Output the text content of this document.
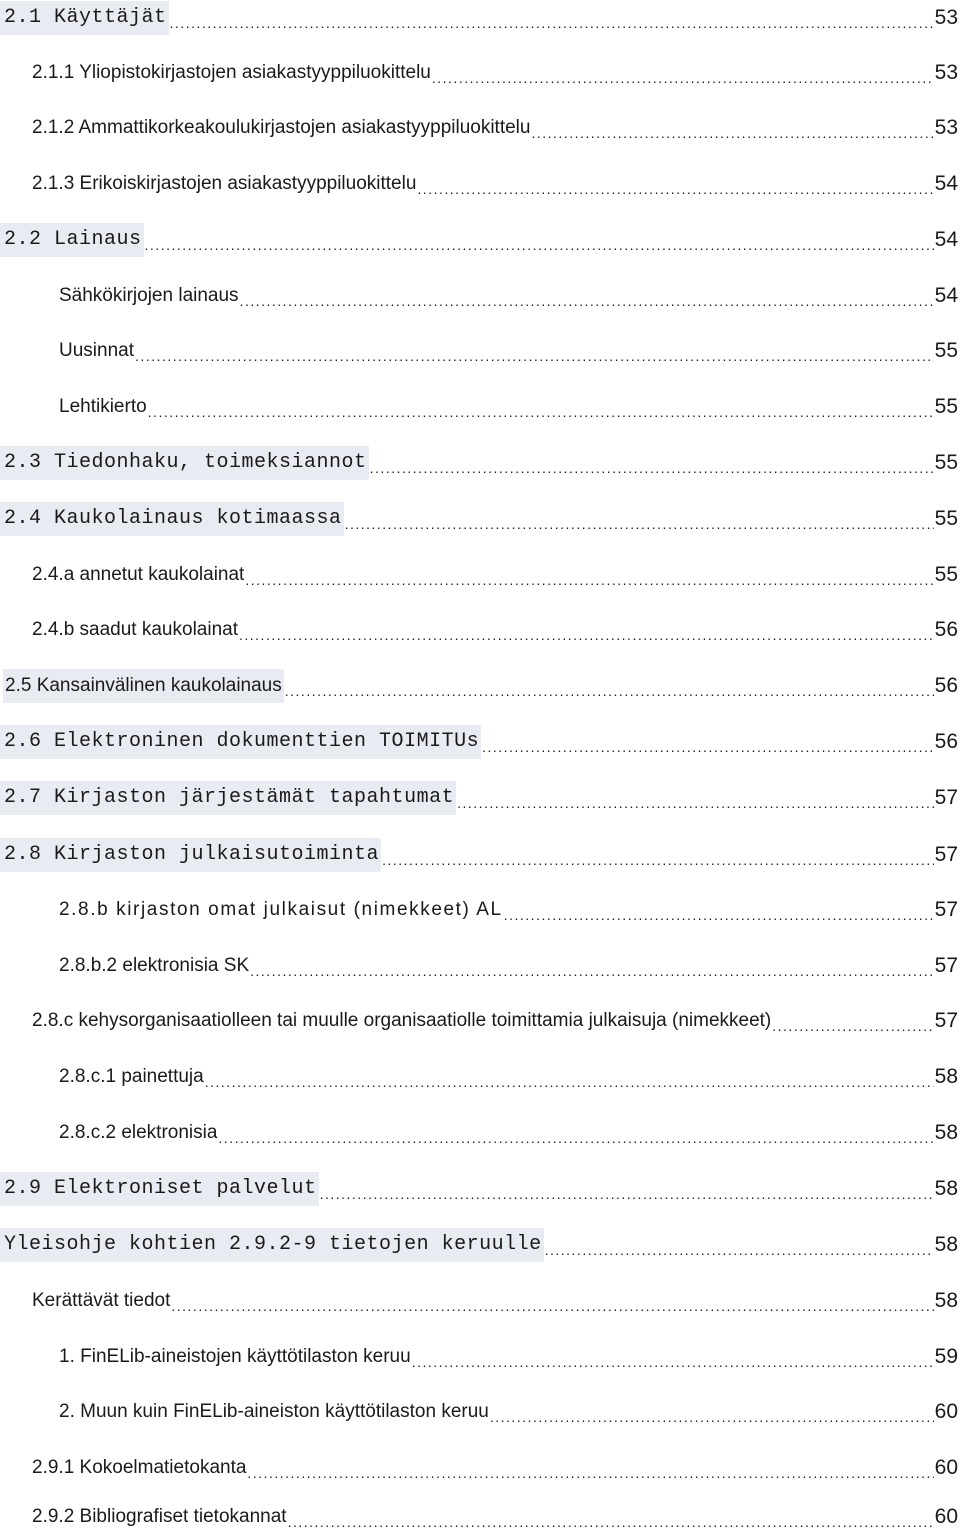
2.1 Käyttäjät .....	53
2.1.1 Yliopistokirjastojen asiakastyyppiluokittelu .....	53
2.1.2 Ammattikorkeakoulukirjastojen asiakastyyppiluokittelu .....	53
2.1.3 Erikoiskirjastojen asiakastyyppiluokittelu .....	54
2.2 Lainaus .....	54
Sähkökirjojen lainaus .....	54
Uusinnat .....	55
Lehtikierto .....	55
2.3 Tiedonhaku, toimeksiannot .....	55
2.4 Kaukolainaus kotimaassa .....	55
2.4.a annetut kaukolainat .....	55
2.4.b saadut kaukolainat .....	56
2.5 Kansainvälinen kaukolainaus .....	56
2.6 Elektroninen dokumenttien TOIMITUs .....	56
2.7 Kirjaston järjestämät tapahtumat .....	57
2.8 Kirjaston julkaisutoiminta .....	57
2.8.b kirjaston omat julkaisut (nimekkeet) AL .....	57
2.8.b.2 elektronisia SK .....	57
2.8.c kehysorganisaatiolleen tai muulle organisaatiolle toimittamia julkaisuja (nimekkeet) .....	57
2.8.c.1 painettuja .....	58
2.8.c.2 elektronisia .....	58
2.9 Elektroniset palvelut .....	58
Yleisohje kohtien 2.9.2-9 tietojen keruulle .....	58
Kerättävät tiedot .....	58
1. FinELib-aineistojen käyttötilaston keruu .....	59
2. Muun kuin FinELib-aineiston käyttötilaston keruu .....	60
2.9.1 Kokoelmatietokanta .....	60
2.9.2 Bibliografiset tietokannat .....	60
